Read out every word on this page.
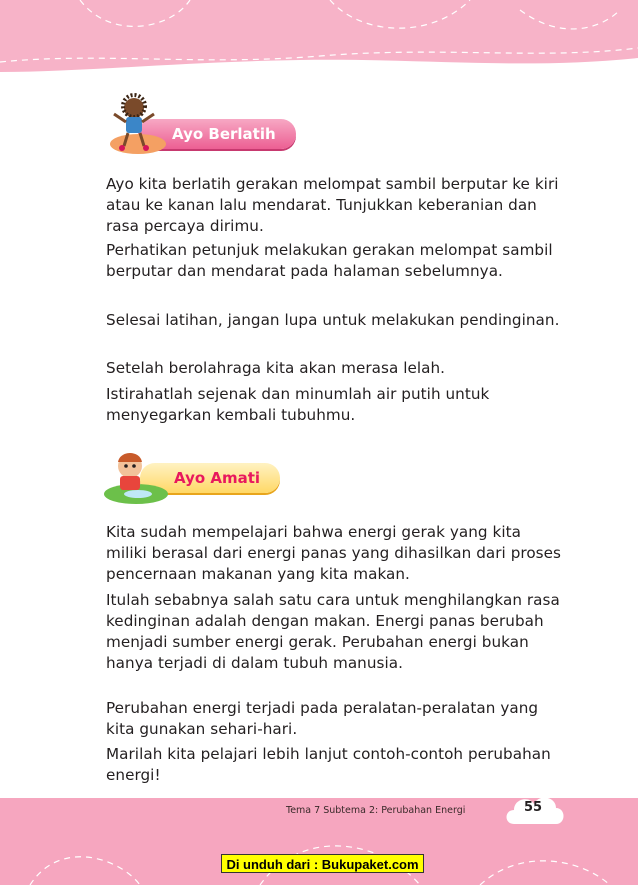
Ayo Berlatih

Ayo kita berlatih gerakan melompat sambil berputar ke kiri atau ke kanan lalu mendarat. Tunjukkan keberanian dan rasa percaya dirimu.

Perhatikan petunjuk melakukan gerakan melompat sambil berputar dan mendarat pada halaman sebelumnya.

Selesai latihan, jangan lupa untuk melakukan pendinginan.

Setelah berolahraga kita akan merasa lelah.

Istirahatlah sejenak dan minumlah air putih untuk menyegarkan kembali tubuhmu.

Ayo Amati

Kita sudah mempelajari bahwa energi gerak yang kita miliki berasal dari energi panas yang dihasilkan dari proses pencernaan makanan yang kita makan.

Itulah sebabnya salah satu cara untuk menghilangkan rasa kedinginan adalah dengan makan. Energi panas berubah menjadi sumber energi gerak. Perubahan energi bukan hanya terjadi di dalam tubuh manusia.

Perubahan energi terjadi pada peralatan-peralatan yang kita gunakan sehari-hari.

Marilah kita pelajari lebih lanjut contoh-contoh perubahan energi!

Tema 7 Subtema 2: Perubahan Energi	55
Di unduh dari : Bukupaket.com
